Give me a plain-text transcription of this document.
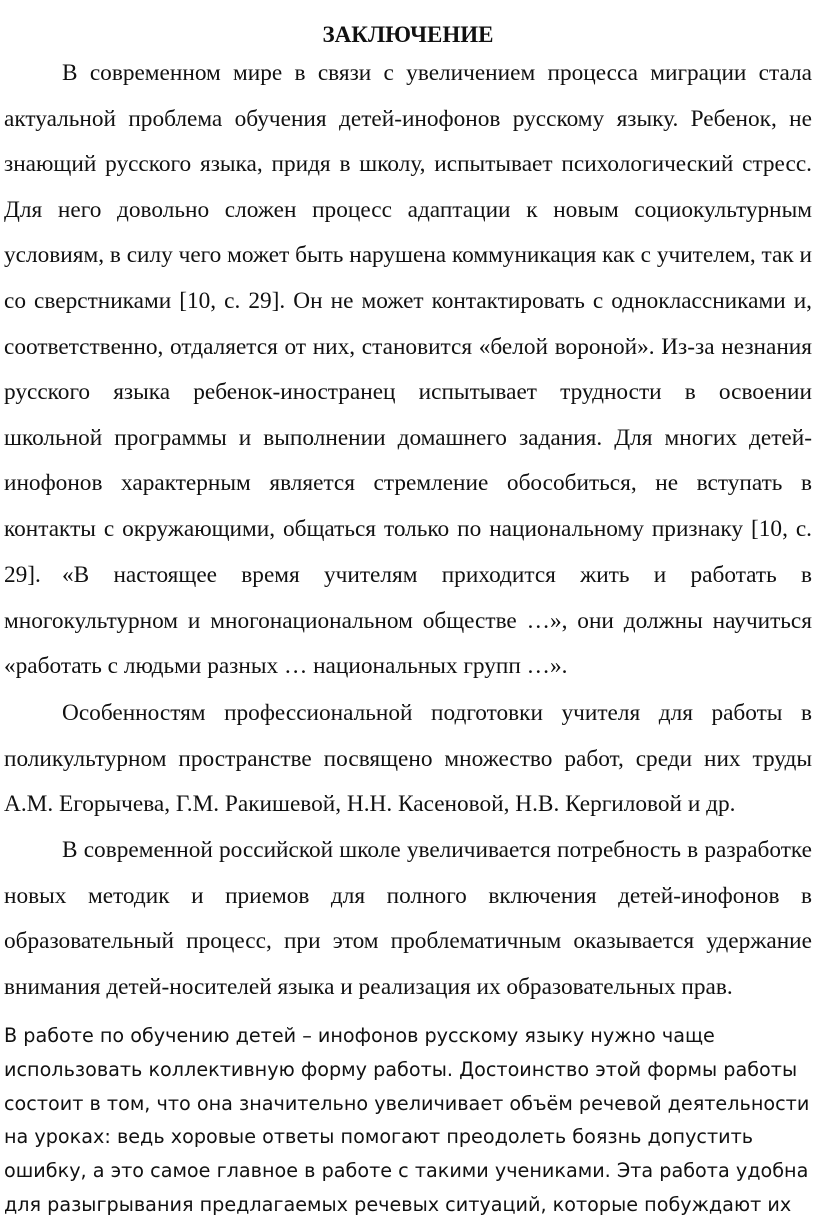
ЗАКЛЮЧЕНИЕ
В современном мире в связи с увеличением процесса миграции стала актуальной проблема обучения детей-инофонов русскому языку. Ребенок, не знающий русского языка, придя в школу, испытывает психологический стресс. Для него довольно сложен процесс адаптации к новым социокультурным условиям, в силу чего может быть нарушена коммуникация как с учителем, так и со сверстниками [10, с. 29]. Он не может контактировать с одноклассниками и, соответственно, отдаляется от них, становится «белой вороной». Из-за незнания русского языка ребенок-иностранец испытывает трудности в освоении школьной программы и выполнении домашнего задания. Для многих детей-инофонов характерным является стремление обособиться, не вступать в контакты с окружающими, общаться только по национальному признаку [10, с. 29]. «В настоящее время учителям приходится жить и работать в многокультурном и многонациональном обществе …», они должны научиться «работать с людьми разных … национальных групп …».
Особенностям профессиональной подготовки учителя для работы в поликультурном пространстве посвящено множество работ, среди них труды А.М. Егорычева, Г.М. Ракишевой, Н.Н. Касеновой, Н.В. Кергиловой и др.
В современной российской школе увеличивается потребность в разработке новых методик и приемов для полного включения детей-инофонов в образовательный процесс, при этом проблематичным оказывается удержание внимания детей-носителей языка и реализация их образовательных прав.

В работе по обучению детей – инофонов русскому языку нужно чаще использовать коллективную форму работы. Достоинство этой формы работы состоит в том, что она значительно увеличивает объём речевой деятельности на уроках: ведь хоровые ответы помогают преодолеть боязнь допустить ошибку, а это самое главное в работе с такими учениками. Эта работа удобна для разыгрывания предлагаемых речевых ситуаций, которые побуждают их
